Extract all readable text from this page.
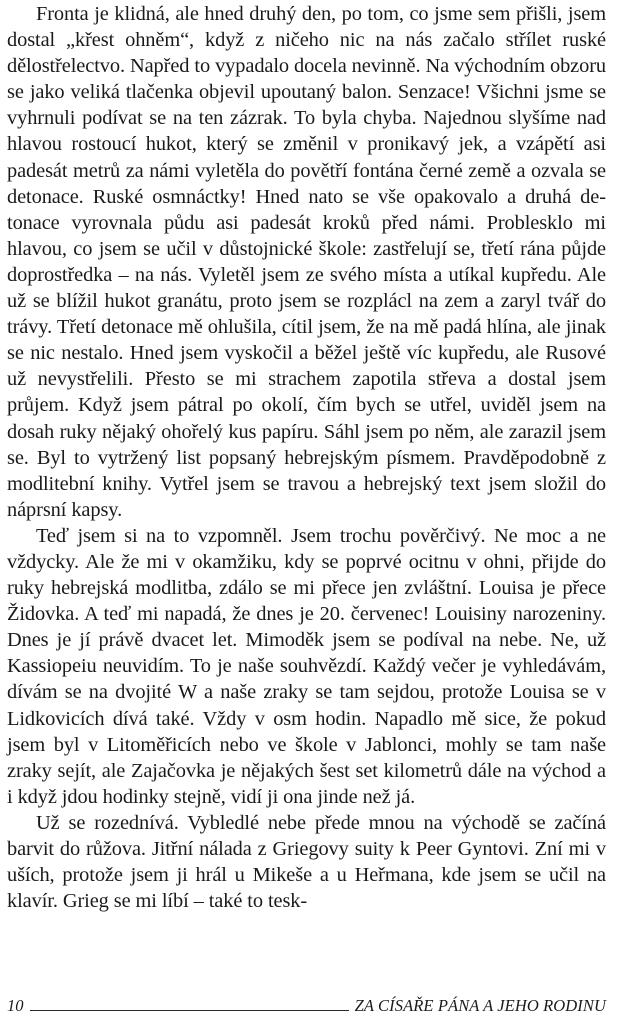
Fronta je klidná, ale hned druhý den, po tom, co jsme sem přišli, jsem dostal „křest ohněm“, když z ničeho nic na nás začalo střílet ruské dělostřelectvo. Napřed to vypadalo docela nevinně. Na východním obzoru se jako veliká tlačenka objevil upoutaný balon. Senzace! Všichni jsme se vyhrnuli podívat se na ten zázrak. To byla chyba. Najednou slyšíme nad hlavou rostoucí hukot, který se změnil v pronikavý jek, a vzápětí asi padesát metrů za námi vyletěla do povětří fontána černé země a ozvala se detonace. Ruské osmnáctky! Hned nato se vše opakovalo a druhá detonace vyrovnala půdu asi padesát kroků před námi. Problesklo mi hlavou, co jsem se učil v důstojnické škole: zastřelují se, třetí rána půjde doprostředka – na nás. Vyletěl jsem ze svého místa a utíkal kupředu. Ale už se blížil hukot granátu, proto jsem se rozplácl na zem a zaryl tvář do trávy. Třetí detonace mě ohlušila, cítil jsem, že na mě padá hlína, ale jinak se nic nestalo. Hned jsem vyskočil a běžel ještě víc kupředu, ale Rusové už nevystřelili. Přesto se mi strachem zapotila střeva a dostal jsem průjem. Když jsem pátral po okolí, čím bych se utřel, uviděl jsem na dosah ruky nějaký ohořelý kus papíru. Sáhl jsem po něm, ale zarazil jsem se. Byl to vytržený list popsaný hebrejským písmem. Pravděpodobně z modlitební knihy. Vytřel jsem se travou a hebrejský text jsem složil do náprsní kapsy.

Teď jsem si na to vzpomněl. Jsem trochu pověrčivý. Ne moc a ne vždycky. Ale že mi v okamžiku, kdy se poprvé ocitnu v ohni, přijde do ruky hebrejská modlitba, zdálo se mi přece jen zvláštní. Louisa je přece Židovka. A teď mi napadá, že dnes je 20. červenec! Louisiny narozeniny. Dnes je jí právě dvacet let. Mimoděk jsem se podíval na nebe. Ne, už Kassiopeiu neuvidím. To je naše souhvězdí. Každý večer je vyhledávám, dívám se na dvojité W a naše zraky se tam sejdou, protože Louisa se v Lidkovicích dívá také. Vždy v osm hodin. Napadlo mě sice, že pokud jsem byl v Litoměřicích nebo ve škole v Jablonci, mohly se tam naše zraky sejít, ale Zajačovka je nějakých šest set kilometrů dále na východ a i když jdou hodinky stejně, vidí ji ona jinde než já.

Už se rozednívá. Vybledlé nebe přede mnou na východě se začíná barvit do růžova. Jitřní nálada z Griegovy suity k Peer Gyntovi. Zní mi v uších, protože jsem ji hrál u Mikeše a u Heřmana, kde jsem se učil na klavír. Grieg se mi líbí – také to tesk-

10	ZA CÍSAŘE PÁNA A JEHO RODINU
